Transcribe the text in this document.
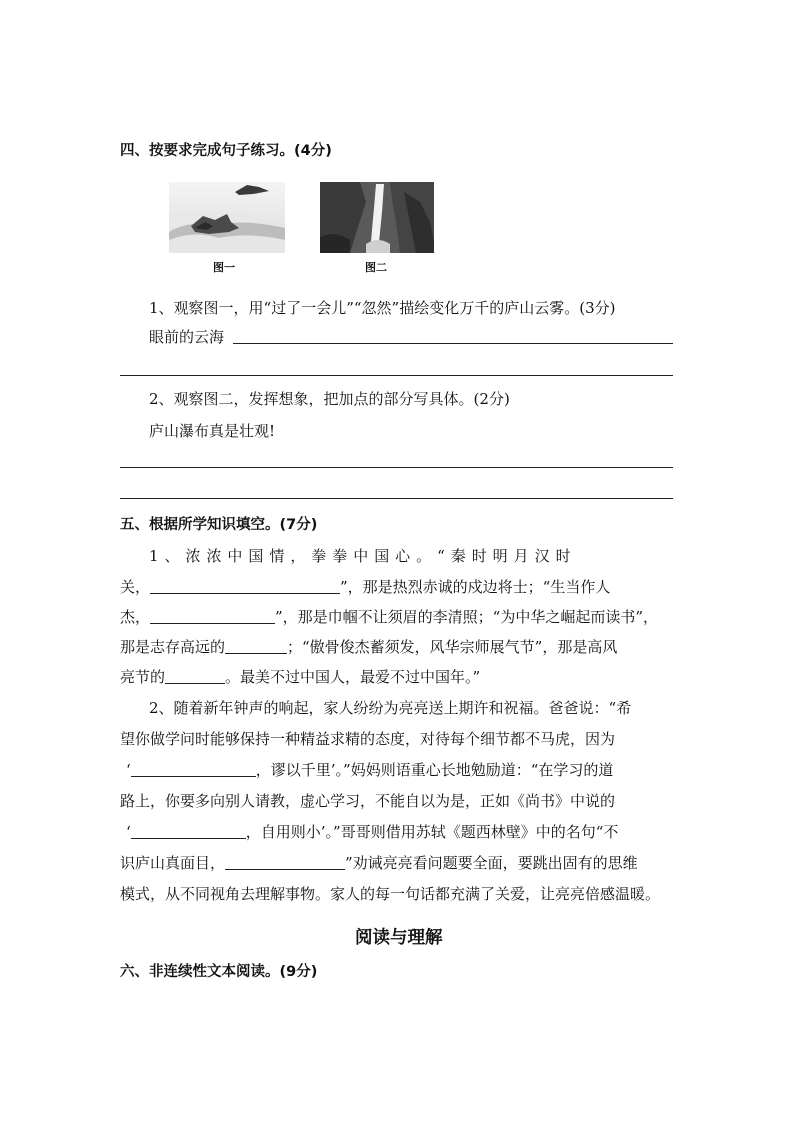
四、按要求完成句子练习。(4分)
图一	图二
1、观察图一，用“过了一会儿”“忽然”描绘变化万千的庐山云雾。(3分)
眼前的云海
2、观察图二，发挥想象，把加点的部分写具体。(2分)
庐山瀑布真是壮观!
五、根据所学知识填空。(7分)
1 、 浓 浓 中 国 情 ， 拳 拳 中 国 心 。 “ 秦 时 明 月 汉 时
关，	”，那是热烈赤诚的戍边将士；“生当作人
杰，	”，那是巾帼不让须眉的李清照；“为中华之崛起而读书”，
那是志存高远的	；“傲骨俊杰蓄须发，风华宗师展气节”，那是高风
亮节的	。最美不过中国人，最爱不过中国年。”
2、随着新年钟声的响起，家人纷纷为亮亮送上期许和祝福。爸爸说：“希
望你做学问时能够保持一种精益求精的态度，对待每个细节都不马虎，因为
‘	，谬以千里’。”妈妈则语重心长地勉励道：“在学习的道
路上，你要多向别人请教，虚心学习，不能自以为是，正如《尚书》中说的
‘	，自用则小’。”哥哥则借用苏轼《题西林壁》中的名句“不
识庐山真面目，	”劝诫亮亮看问题要全面，要跳出固有的思维
模式，从不同视角去理解事物。家人的每一句话都充满了关爱，让亮亮倍感温暖。
阅读与理解
六、非连续性文本阅读。(9分)
